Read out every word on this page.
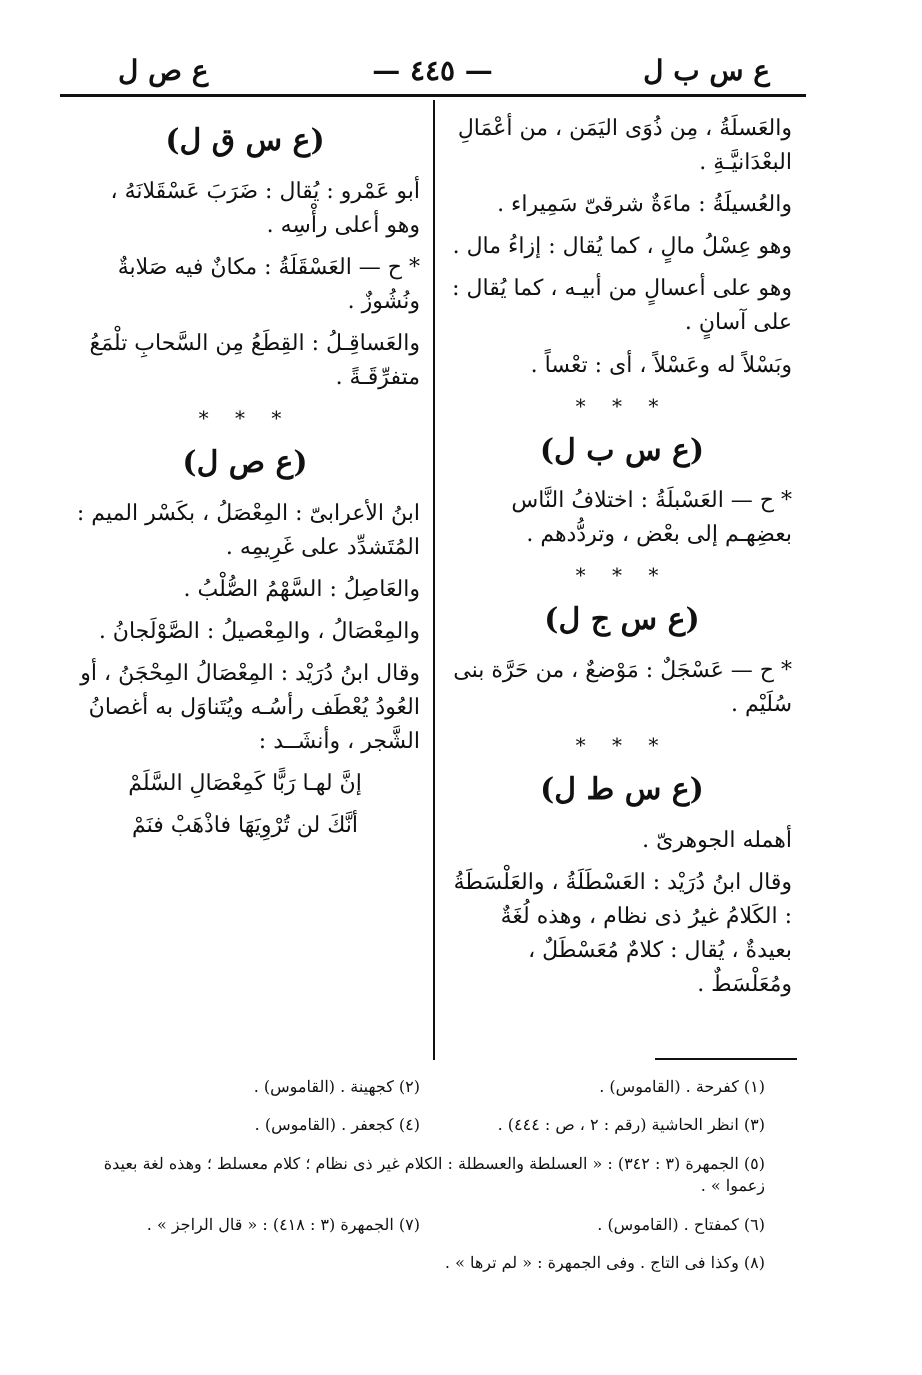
ع س ب ل
— ٤٤٥ —
ع ص ل

والعَسلَةُ ، مِن ذُوَى اليَمَن ، من أعْمَالِ البعْدَانيَّـةِ .

والعُسيلَةُ : ماءَةٌ شرقىّ سَمِيراء .

وهو عِسْلُ مالٍ ، كما يُقال : إزاءُ مال .

وهو على أعسالٍ من أبيـه ، كما يُقال : على آسانٍ .

وبَسْلاً له وعَسْلاً ، أى : تعْساً .

* * *
(ع س ب ل)

* ح — العَسْبلَةُ : اختلافُ النَّاس بعضِهـم إلى بعْض ، وتردُّدهم .

* * *
(ع س ج ل)

* ح — عَسْجَلٌ : مَوْضعٌ ، من حَرَّة بنى سُلَيْم .

* * *
(ع س ط ل)

أهمله الجوهرىّ .

وقال ابنُ دُرَيْد : العَسْطَلَةُ ، والعَلْسَطَةُ : الكَلامُ غيرُ ذى نظام ، وهذه لُغَةٌ بعيدةٌ ، يُقال : كلامٌ مُعَسْطَلٌ ، ومُعَلْسَطٌ .

(ع س ق ل)

أبو عَمْرو : يُقال : ضَرَبَ عَسْقَلانَهُ ، وهو أعلى رأْسِه .

* ح — العَسْقَلَةُ : مكانٌ فيه صَلابةٌ ونُشُوزٌ .

والعَساقِـلُ : القِطَعُ مِن السَّحابِ تلْمَعُ متفرِّقَـةً .

* * *
(ع ص ل)

ابنُ الأعرابىّ : المِعْصَلُ ، بكَسْر الميم : المُتَشدِّد على غَرِيمِه .

والعَاصِلُ : السَّهْمُ الصُّلْبُ .

والمِعْصَالُ ، والمِعْصيلُ : الصَّوْلَجانُ .

وقال ابنُ دُرَيْد : المِعْصَالُ المِحْجَنُ ، أو العُودُ يُعْطَف رأسُـه ويُتَناوَل به أغصانُ الشَّجر ، وأنشَــد :

إنَّ لهـا رَبًّا كَمِعْصَالِ السَّلَمْ

أنَّكَ لن تُرْوِيَهَا فاذْهَبْ فنَمْ

(١) كفرحة . (القاموس) .
(٢) كجهينة . (القاموس) .
(٣) انظر الحاشية (رقم : ٢ ، ص : ٤٤٤) .
(٤) كجعفر . (القاموس) .
(٥) الجمهرة (٣ : ٣٤٢) : « العسلطة والعسطلة : الكلام غير ذى نظام ؛ كلام معسلط ؛ وهذه لغة بعيدة زعموا » .
(٦) كمفتاح . (القاموس) .
(٧) الجمهرة (٣ : ٤١٨) : « قال الراجز » .
(٨) وكذا فى التاج . وفى الجمهرة : « لم ترها » .
